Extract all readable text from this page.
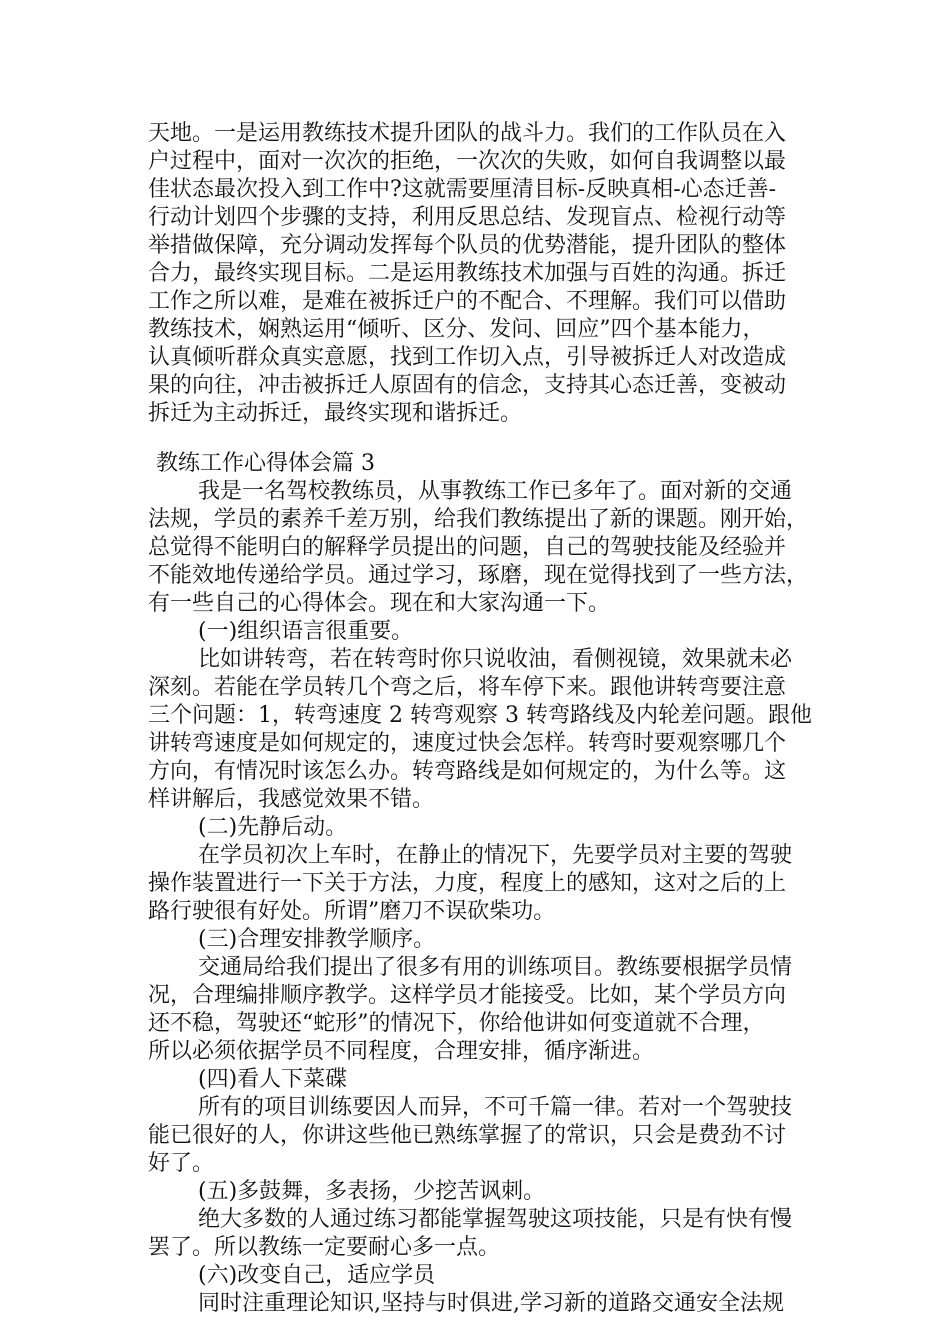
天地。一是运用教练技术提升团队的战斗力。我们的工作队员在入
户过程中，面对一次次的拒绝，一次次的失败，如何自我调整以最
佳状态最次投入到工作中?这就需要厘清目标-反映真相-心态迁善-
行动计划四个步骤的支持，利用反思总结、发现盲点、检视行动等
举措做保障，充分调动发挥每个队员的优势潜能，提升团队的整体
合力，最终实现目标。二是运用教练技术加强与百姓的沟通。拆迁
工作之所以难，是难在被拆迁户的不配合、不理解。我们可以借助
教练技术，娴熟运用“倾听、区分、发问、回应”四个基本能力，
认真倾听群众真实意愿，找到工作切入点，引导被拆迁人对改造成
果的向往，冲击被拆迁人原固有的信念，支持其心态迁善，变被动
拆迁为主动拆迁，最终实现和谐拆迁。
教练工作心得体会篇 3
我是一名驾校教练员，从事教练工作已多年了。面对新的交通
法规，学员的素养千差万别，给我们教练提出了新的课题。刚开始，
总觉得不能明白的解释学员提出的问题，自己的驾驶技能及经验并
不能效地传递给学员。通过学习，琢磨，现在觉得找到了一些方法，
有一些自己的心得体会。现在和大家沟通一下。
(一)组织语言很重要。
比如讲转弯，若在转弯时你只说收油，看侧视镜，效果就未必
深刻。若能在学员转几个弯之后，将车停下来。跟他讲转弯要注意
三个问题：1，转弯速度 2 转弯观察 3 转弯路线及内轮差问题。跟他
讲转弯速度是如何规定的，速度过快会怎样。转弯时要观察哪几个
方向，有情况时该怎么办。转弯路线是如何规定的，为什么等。这
样讲解后，我感觉效果不错。
(二)先静后动。
在学员初次上车时，在静止的情况下，先要学员对主要的驾驶
操作装置进行一下关于方法，力度，程度上的感知，这对之后的上
路行驶很有好处。所谓”磨刀不误砍柴功。
(三)合理安排教学顺序。
交通局给我们提出了很多有用的训练项目。教练要根据学员情
况，合理编排顺序教学。这样学员才能接受。比如，某个学员方向
还不稳，驾驶还“蛇形”的情况下，你给他讲如何变道就不合理，
所以必须依据学员不同程度，合理安排，循序渐进。
(四)看人下菜碟
所有的项目训练要因人而异，不可千篇一律。若对一个驾驶技
能已很好的人，你讲这些他已熟练掌握了的常识，只会是费劲不讨
好了。
(五)多鼓舞，多表扬，少挖苦讽刺。
绝大多数的人通过练习都能掌握驾驶这项技能，只是有快有慢
罢了。所以教练一定要耐心多一点。
(六)改变自己，适应学员
同时注重理论知识,坚持与时俱进,学习新的道路交通安全法规
